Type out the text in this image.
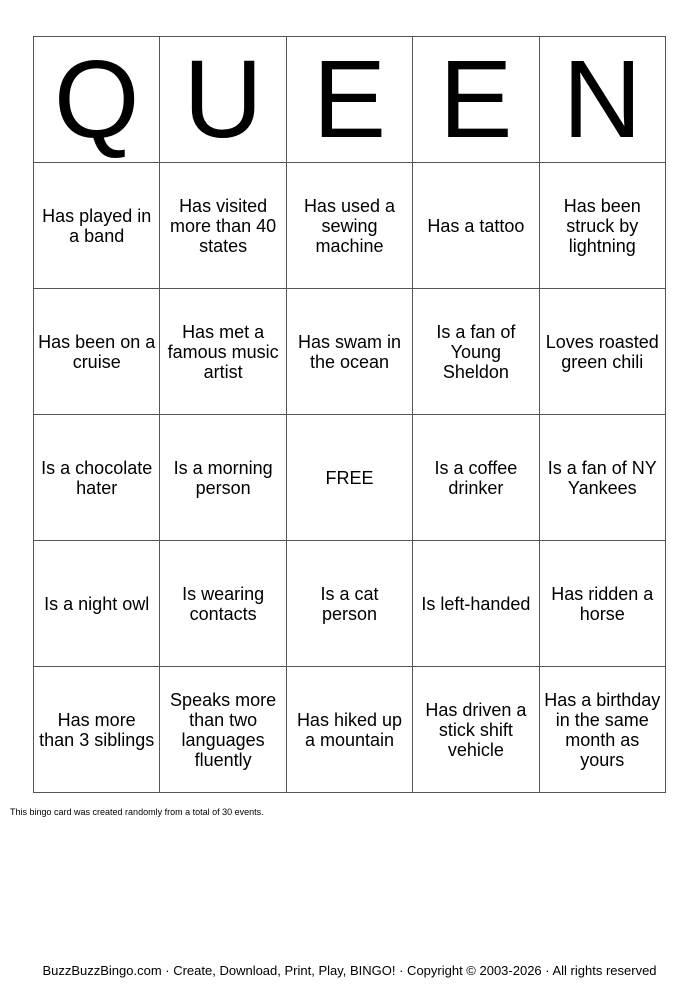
Q	U	E	E	N

Has played in a band	Has visited more than 40 states	Has used a sewing machine	Has a tattoo	Has been struck by lightning

Has been on a cruise	Has met a famous music artist	Has swam in the ocean	Is a fan of Young Sheldon	Loves roasted green chili

Is a chocolate hater	Is a morning person	FREE	Is a coffee drinker	Is a fan of NY Yankees

Is a night owl	Is wearing contacts	Is a cat person	Is left-handed	Has ridden a horse

Has more than 3 siblings	Speaks more than two languages fluently	Has hiked up a mountain	Has driven a stick shift vehicle	Has a birthday in the same month as yours
This bingo card was created randomly from a total of 30 events.
BuzzBuzzBingo.com · Create, Download, Print, Play, BINGO! · Copyright © 2003-2026 · All rights reserved
